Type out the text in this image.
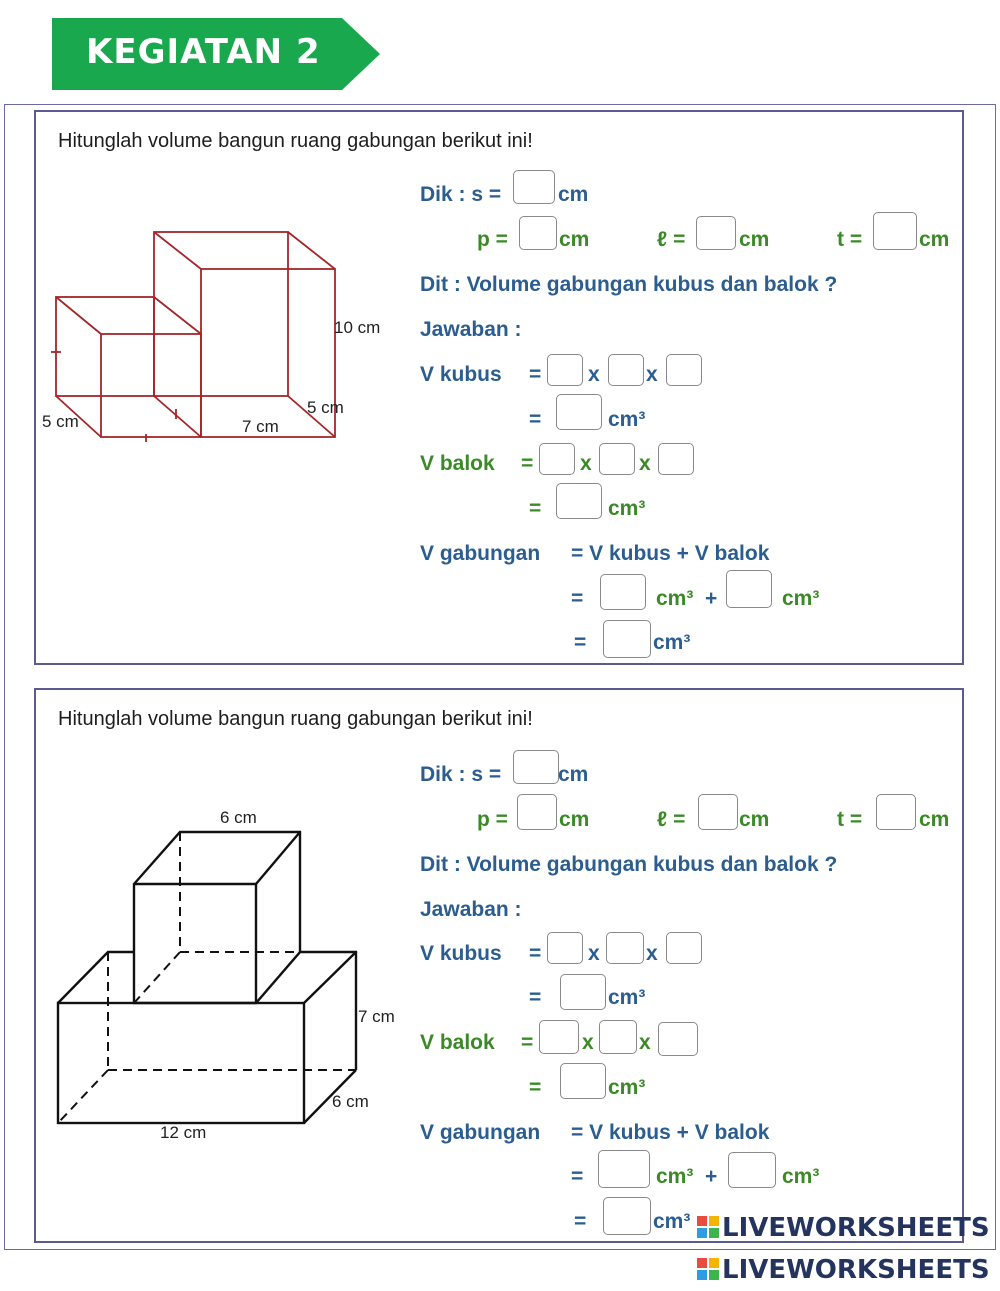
KEGIATAN 2
Hitunglah volume bangun ruang gabungan berikut ini!
10 cm
5 cm	7 cm
5 cm
Dik : s =	cm
p = cm	ℓ =	cm	t =	cm
Dit : Volume gabungan kubus dan balok ?
Jawaban :
V kubus = x x
=	cm³
V balok = x x
=	cm³
V gabungan = V kubus + V balok
=	cm³ +	cm³
=	cm³
Hitunglah volume bangun ruang gabungan berikut ini!
6 cm
7 cm
6 cm
12 cm
Dik : s =	cm
p = cm	ℓ =	cm	t =	cm
Dit : Volume gabungan kubus dan balok ?
Jawaban :
V kubus = x x
=	cm³
V balok = x x
=	cm³
V gabungan = V kubus + V balok
=	cm³ +	cm³
=	cm³	LIVEWORKSHEETS
LIVEWORKSHEETS
